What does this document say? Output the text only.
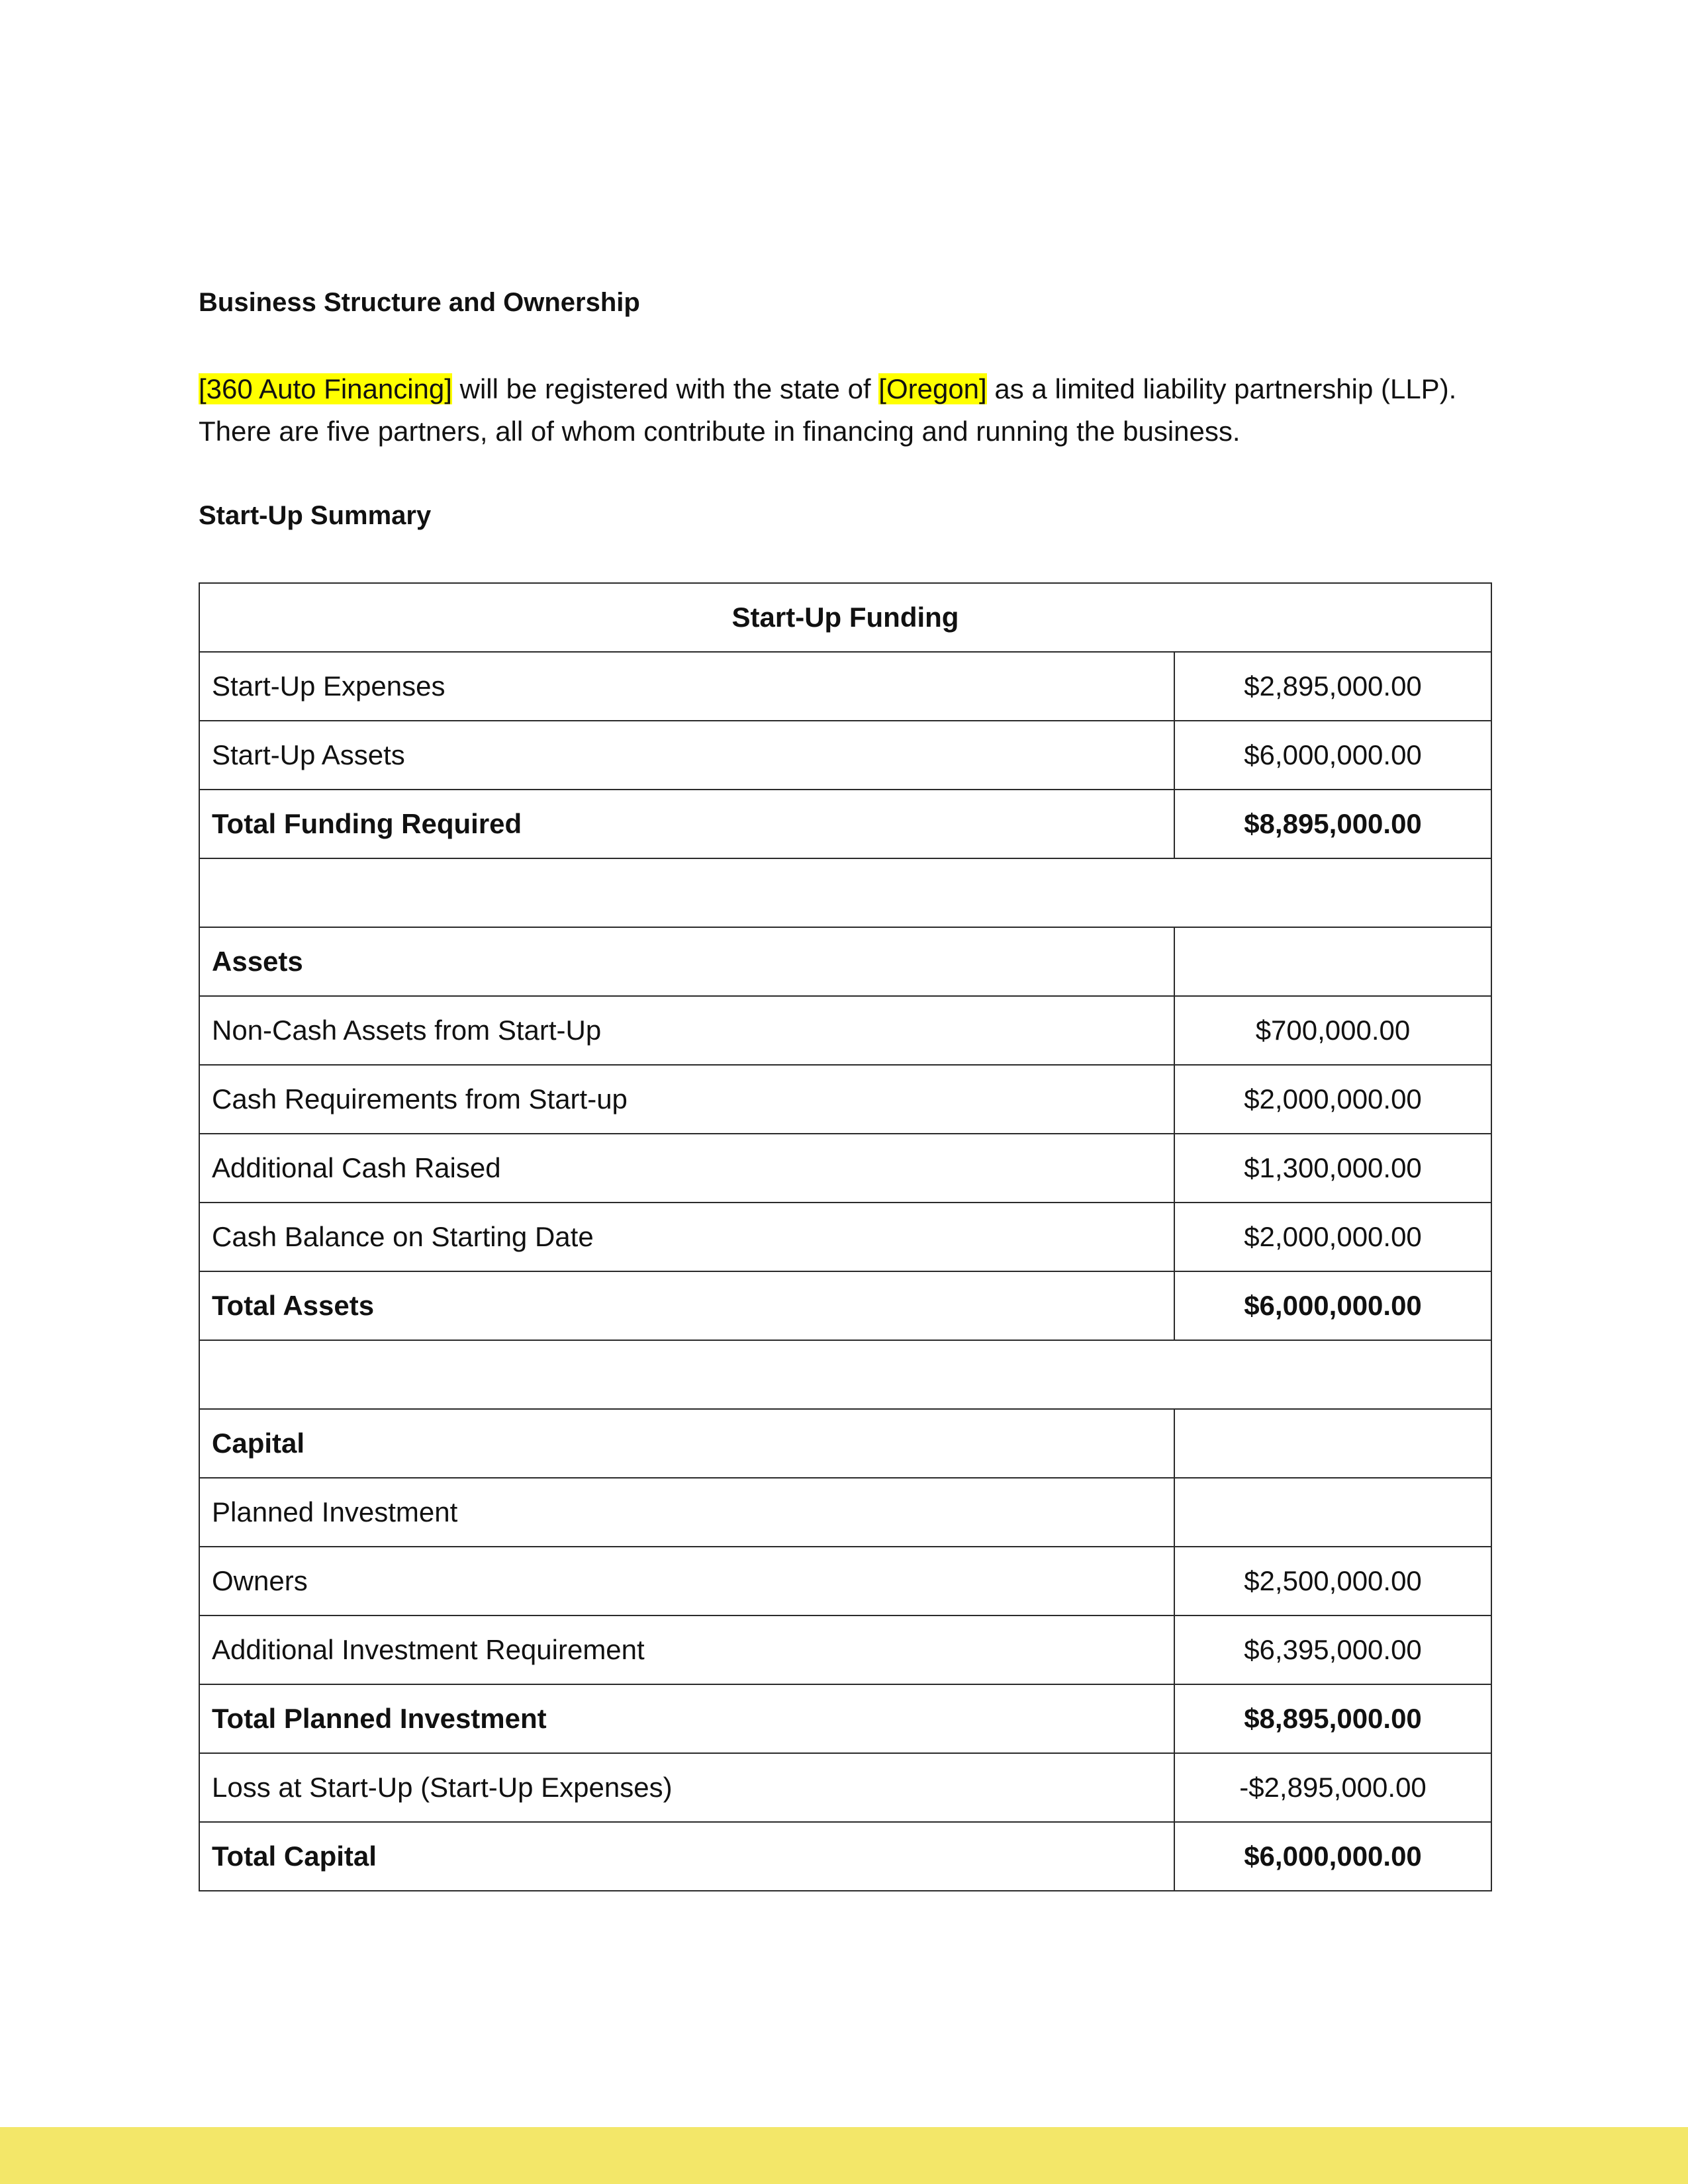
Business Structure and Ownership
[360 Auto Financing] will be registered with the state of [Oregon] as a limited liability partnership (LLP).
There are five partners, all of whom contribute in financing and running the business.
Start-Up Summary
Start-Up Funding	
Start-Up Expenses	$2,895,000.00
Start-Up Assets	$6,000,000.00
Total Funding Required	$8,895,000.00

Assets	
Non-Cash Assets from Start-Up	$700,000.00
Cash Requirements from Start-up	$2,000,000.00
Additional Cash Raised	$1,300,000.00
Cash Balance on Starting Date	$2,000,000.00
Total Assets	$6,000,000.00

Capital	
Planned Investment	
Owners	$2,500,000.00
Additional Investment Requirement	$6,395,000.00
Total Planned Investment	$8,895,000.00
Loss at Start-Up (Start-Up Expenses)	-$2,895,000.00
Total Capital	$6,000,000.00
